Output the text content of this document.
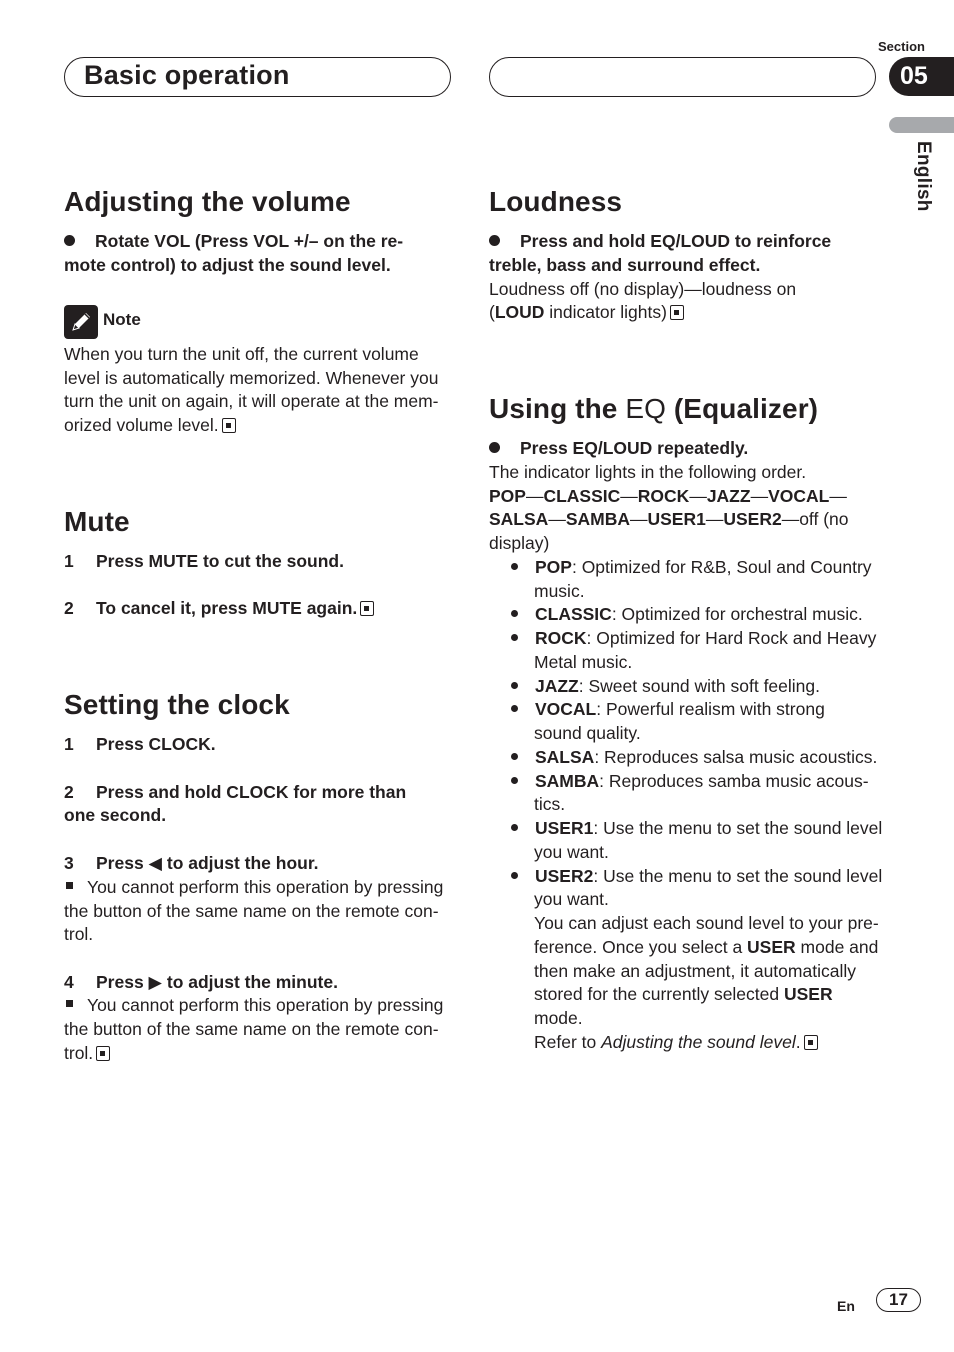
Basic operation
Section
05
English
Adjusting the volume
Rotate VOL (Press VOL +/– on the re-
mote control) to adjust the sound level.
Note
When you turn the unit off, the current volume
level is automatically memorized. Whenever you
turn the unit on again, it will operate at the mem-
orized volume level.
Mute
1 Press MUTE to cut the sound.
2 To cancel it, press MUTE again.
Setting the clock
1 Press CLOCK.
2 Press and hold CLOCK for more than
one second.
3 Press ◀ to adjust the hour.
You cannot perform this operation by pressing
the button of the same name on the remote con-
trol.
4 Press ▶ to adjust the minute.
You cannot perform this operation by pressing
the button of the same name on the remote con-
trol.
Loudness
Press and hold EQ/LOUD to reinforce
treble, bass and surround effect.
Loudness off (no display)—loudness on
(LOUD indicator lights)
Using the EQ (Equalizer)
Press EQ/LOUD repeatedly.
The indicator lights in the following order.
POP—CLASSIC—ROCK—JAZZ—VOCAL—
SALSA—SAMBA—USER1—USER2—off (no
display)
POP: Optimized for R&B, Soul and Country
music.
CLASSIC: Optimized for orchestral music.
ROCK: Optimized for Hard Rock and Heavy
Metal music.
JAZZ: Sweet sound with soft feeling.
VOCAL: Powerful realism with strong
sound quality.
SALSA: Reproduces salsa music acoustics.
SAMBA: Reproduces samba music acous-
tics.
USER1: Use the menu to set the sound level
you want.
USER2: Use the menu to set the sound level
you want.
You can adjust each sound level to your pre-
ference. Once you select a USER mode and
then make an adjustment, it automatically
stored for the currently selected USER
mode.
Refer to Adjusting the sound level.
En	17
